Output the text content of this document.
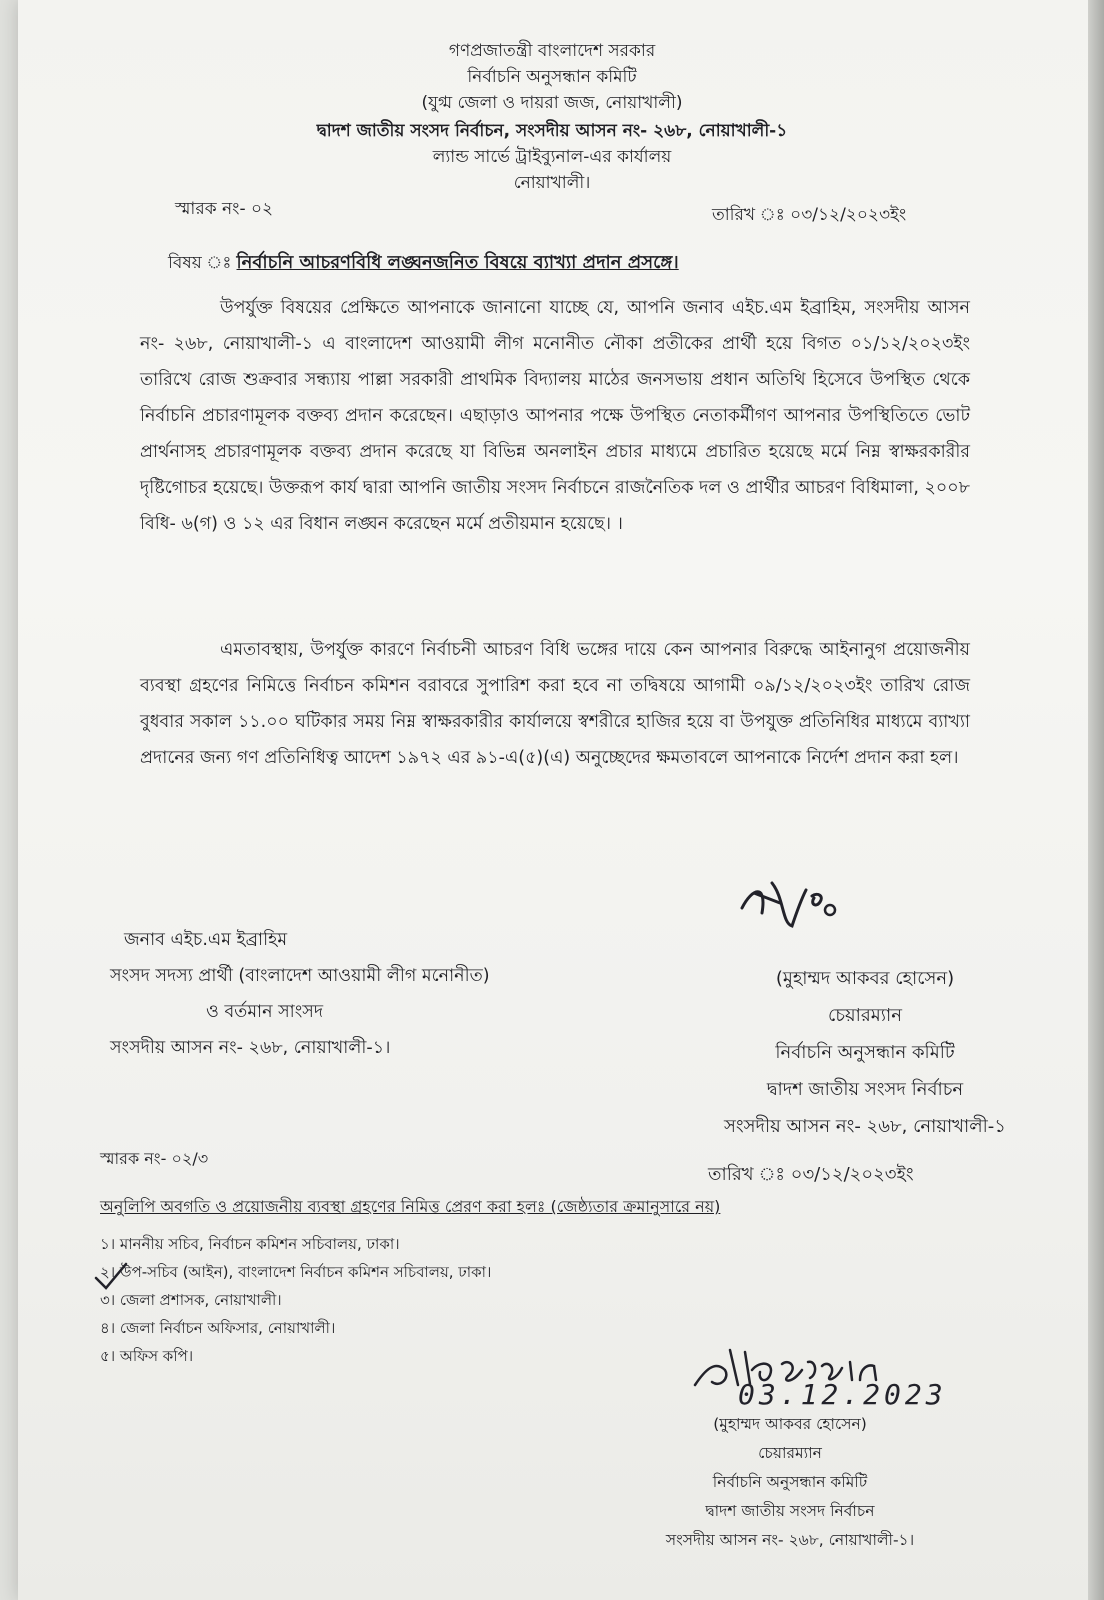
গণপ্রজাতন্ত্রী বাংলাদেশ সরকার
নির্বাচনি অনুসন্ধান কমিটি
(যুগ্ম জেলা ও দায়রা জজ, নোয়াখালী)
দ্বাদশ জাতীয় সংসদ নির্বাচন, সংসদীয় আসন নং- ২৬৮, নোয়াখালী-১
ল্যান্ড সার্ভে ট্রাইব্যুনাল-এর কার্যালয়
নোয়াখালী।
স্মারক নং- ০২	তারিখ ঃ ০৩/১২/২০২৩ইং
বিষয় ঃ নির্বাচনি আচরণবিধি লঙ্ঘনজনিত বিষয়ে ব্যাখ্যা প্রদান প্রসঙ্গে।
উপর্যুক্ত বিষয়ের প্রেক্ষিতে আপনাকে জানানো যাচ্ছে যে, আপনি জনাব এইচ.এম ইব্রাহিম, সংসদীয় আসন নং- ২৬৮, নোয়াখালী-১ এ বাংলাদেশ আওয়ামী লীগ মনোনীত নৌকা প্রতীকের প্রার্থী হয়ে বিগত ০১/১২/২০২৩ইং তারিখে রোজ শুক্রবার সন্ধ্যায় পাল্লা সরকারী প্রাথমিক বিদ্যালয় মাঠের জনসভায় প্রধান অতিথি হিসেবে উপস্থিত থেকে নির্বাচনি প্রচারণামূলক বক্তব্য প্রদান করেছেন। এছাড়াও আপনার পক্ষে উপস্থিত নেতাকর্মীগণ আপনার উপস্থিতিতে ভোট প্রার্থনাসহ প্রচারণামূলক বক্তব্য প্রদান করেছে যা বিভিন্ন অনলাইন প্রচার মাধ্যমে প্রচারিত হয়েছে মর্মে নিম্ন স্বাক্ষরকারীর দৃষ্টিগোচর হয়েছে। উক্তরূপ কার্য দ্বারা আপনি জাতীয় সংসদ নির্বাচনে রাজনৈতিক দল ও প্রার্থীর আচরণ বিধিমালা, ২০০৮ বিধি- ৬(গ) ও ১২ এর বিধান লঙ্ঘন করেছেন মর্মে প্রতীয়মান হয়েছে। ।
এমতাবস্থায়, উপর্যুক্ত কারণে নির্বাচনী আচরণ বিধি ভঙ্গের দায়ে কেন আপনার বিরুদ্ধে আইনানুগ প্রয়োজনীয় ব্যবস্থা গ্রহণের নিমিত্তে নির্বাচন কমিশন বরাবরে সুপারিশ করা হবে না তদ্বিষয়ে আগামী ০৯/১২/২০২৩ইং তারিখ রোজ বুধবার সকাল ১১.০০ ঘটিকার সময় নিম্ন স্বাক্ষরকারীর কার্যালয়ে স্বশরীরে হাজির হয়ে বা উপযুক্ত প্রতিনিধির মাধ্যমে ব্যাখ্যা প্রদানের জন্য গণ প্রতিনিধিত্ব আদেশ ১৯৭২ এর ৯১-এ(৫)(এ) অনুচ্ছেদের ক্ষমতাবলে আপনাকে নির্দেশ প্রদান করা হল।
জনাব এইচ.এম ইব্রাহিম
সংসদ সদস্য প্রার্থী (বাংলাদেশ আওয়ামী লীগ মনোনীত)
ও বর্তমান সাংসদ
সংসদীয় আসন নং- ২৬৮, নোয়াখালী-১।
(মুহাম্মদ আকবর হোসেন)
চেয়ারম্যান
নির্বাচনি অনুসন্ধান কমিটি
দ্বাদশ জাতীয় সংসদ নির্বাচন
সংসদীয় আসন নং- ২৬৮, নোয়াখালী-১
স্মারক নং- ০২/৩
তারিখ ঃ ০৩/১২/২০২৩ইং
অনুলিপি অবগতি ও প্রয়োজনীয় ব্যবস্থা গ্রহণের নিমিত্ত প্রেরণ করা হলঃ (জেষ্ঠ্যতার ক্রমানুসারে নয়)
১। মাননীয় সচিব, নির্বাচন কমিশন সচিবালয়, ঢাকা।
২। উপ-সচিব (আইন), বাংলাদেশ নির্বাচন কমিশন সচিবালয়, ঢাকা।
৩। জেলা প্রশাসক, নোয়াখালী।
৪। জেলা নির্বাচন অফিসার, নোয়াখালী।
৫। অফিস কপি।
03.12.2023
(মুহাম্মদ আকবর হোসেন)
চেয়ারম্যান
নির্বাচনি অনুসন্ধান কমিটি
দ্বাদশ জাতীয় সংসদ নির্বাচন
সংসদীয় আসন নং- ২৬৮, নোয়াখালী-১।
